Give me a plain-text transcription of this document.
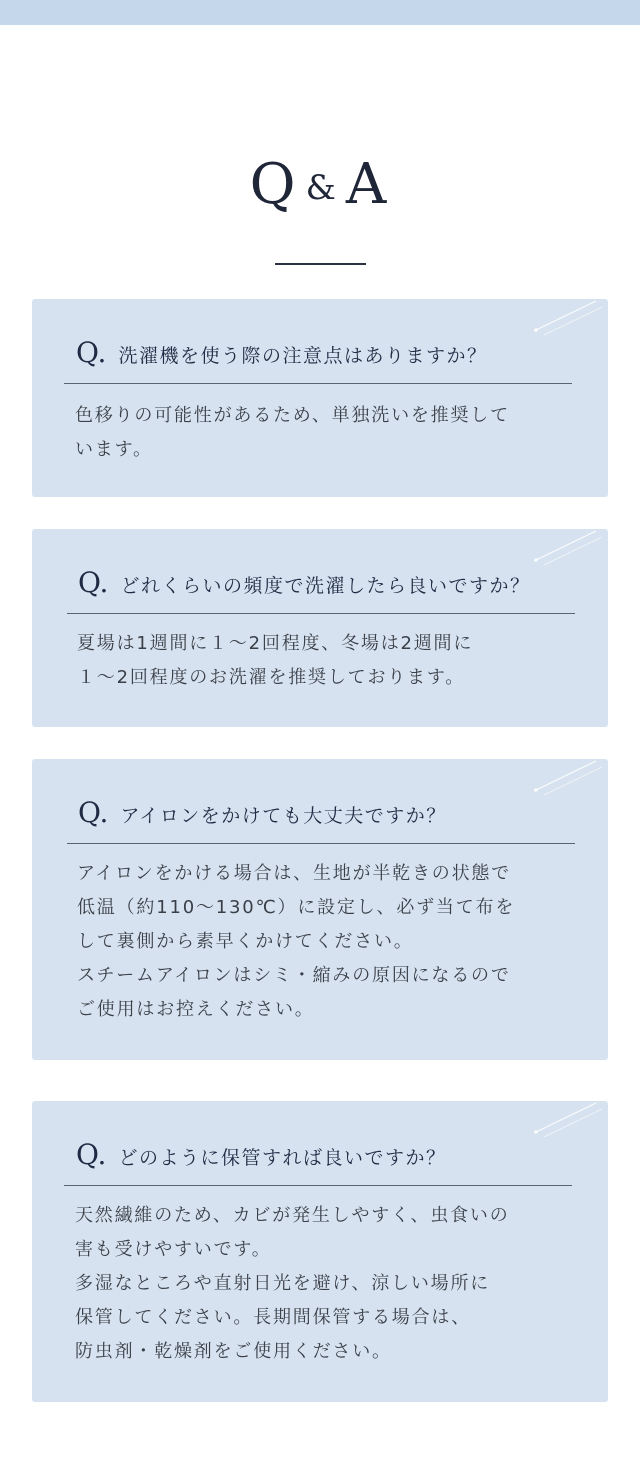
Q & A
Q. 洗濯機を使う際の注意点はありますか？
色移りの可能性があるため、単独洗いを推奨して
います。
Q. どれくらいの頻度で洗濯したら良いですか？
夏場は1週間に１～2回程度、冬場は2週間に
１～2回程度のお洗濯を推奨しております。
Q. アイロンをかけても大丈夫ですか？
アイロンをかける場合は、生地が半乾きの状態で
低温（約110～130℃）に設定し、必ず当て布を
して裏側から素早くかけてください。
スチームアイロンはシミ・縮みの原因になるので
ご使用はお控えください。
Q. どのように保管すれば良いですか？
天然繊維のため、カビが発生しやすく、虫食いの
害も受けやすいです。
多湿なところや直射日光を避け、涼しい場所に
保管してください。長期間保管する場合は、
防虫剤・乾燥剤をご使用ください。
